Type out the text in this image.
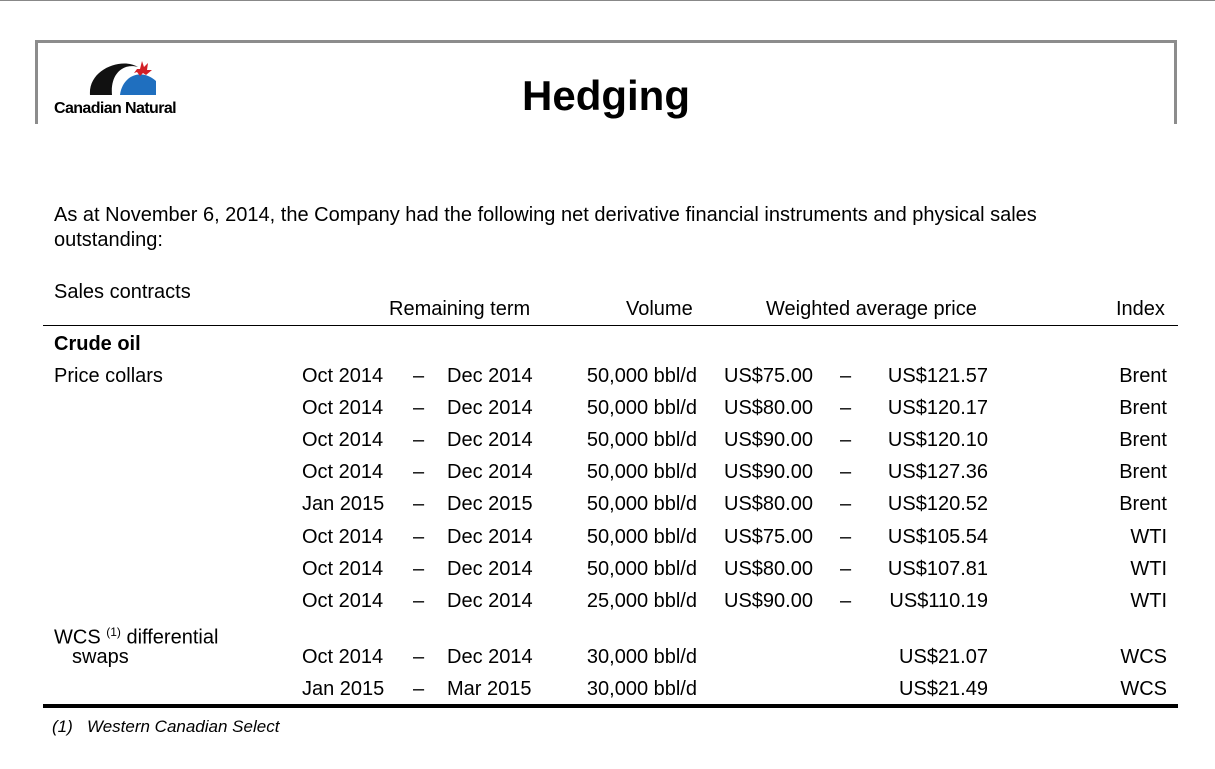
Canadian Natural	Hedging
As at November 6, 2014, the Company had the following net derivative financial instruments and physical sales outstanding:
Sales contracts
Remaining term	Volume	Weighted average price	Index
Crude oil
Price collars	Oct 2014 – Dec 2014	50,000 bbl/d US$75.00 –	US$121.57	Brent
Oct 2014 – Dec 2014	50,000 bbl/d US$80.00 –	US$120.17	Brent
Oct 2014 – Dec 2014	50,000 bbl/d US$90.00 –	US$120.10	Brent
Oct 2014 – Dec 2014	50,000 bbl/d US$90.00 –	US$127.36	Brent
Jan 2015 – Dec 2015	50,000 bbl/d US$80.00 –	US$120.52	Brent
Oct 2014 – Dec 2014	50,000 bbl/d US$75.00 –	US$105.54	WTI
Oct 2014 – Dec 2014	50,000 bbl/d US$80.00 –	US$107.81	WTI
Oct 2014 – Dec 2014	25,000 bbl/d US$90.00 –	US$110.19	WTI
WCS $^{(1)}$ differential
swaps	Oct 2014 – Dec 2014	30,000 bbl/d	US$21.07	WCS
Jan 2015 – Mar 2015	30,000 bbl/d	US$21.49	WCS
(1) Western Canadian Select
